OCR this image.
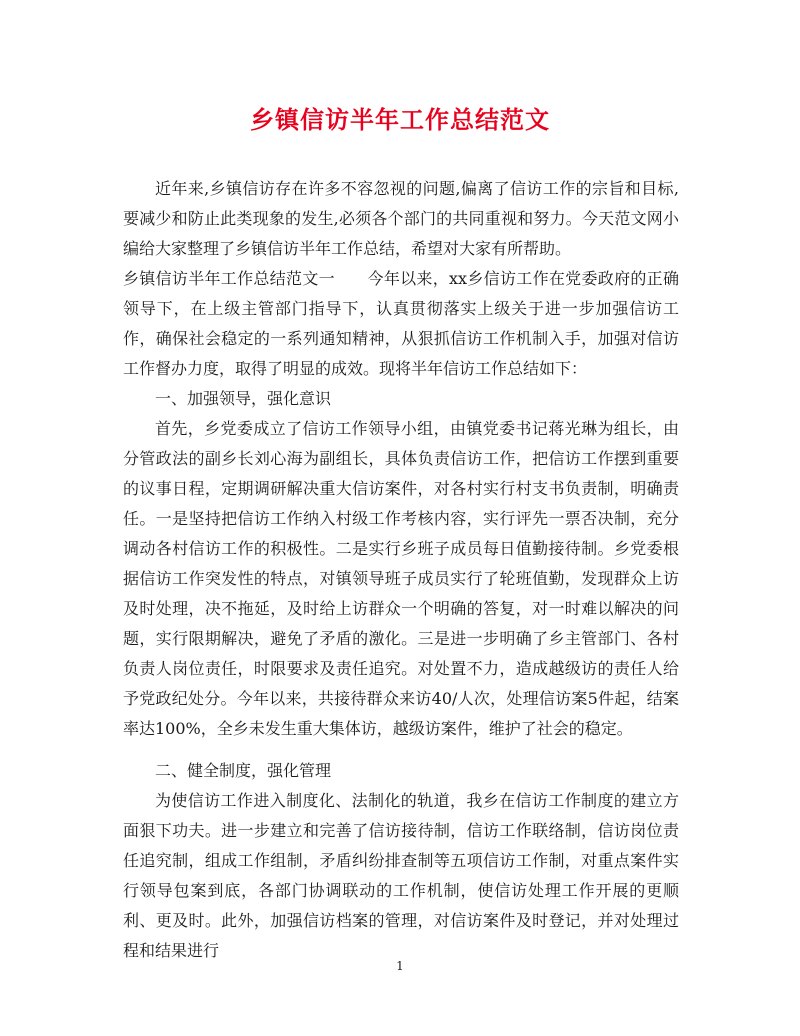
乡镇信访半年工作总结范文

近年来,乡镇信访存在许多不容忽视的问题,偏离了信访工作的宗旨和目标,要减少和防止此类现象的发生,必须各个部门的共同重视和努力。今天范文网小编给大家整理了乡镇信访半年工作总结，希望对大家有所帮助。

乡镇信访半年工作总结范文一　　今年以来，xx乡信访工作在党委政府的正确领导下，在上级主管部门指导下，认真贯彻落实上级关于进一步加强信访工作，确保社会稳定的一系列通知精神，从狠抓信访工作机制入手，加强对信访工作督办力度，取得了明显的成效。现将半年信访工作总结如下：

一、加强领导，强化意识

首先，乡党委成立了信访工作领导小组，由镇党委书记蒋光琳为组长，由分管政法的副乡长刘心海为副组长，具体负责信访工作，把信访工作摆到重要的议事日程，定期调研解决重大信访案件，对各村实行村支书负责制，明确责任。一是坚持把信访工作纳入村级工作考核内容，实行评先一票否决制，充分调动各村信访工作的积极性。二是实行乡班子成员每日值勤接待制。乡党委根据信访工作突发性的特点，对镇领导班子成员实行了轮班值勤，发现群众上访及时处理，决不拖延，及时给上访群众一个明确的答复，对一时难以解决的问题，实行限期解决，避免了矛盾的激化。三是进一步明确了乡主管部门、各村负责人岗位责任，时限要求及责任追究。对处置不力，造成越级访的责任人给予党政纪处分。今年以来，共接待群众来访40/人次，处理信访案5件起，结案率达100%，全乡未发生重大集体访，越级访案件，维护了社会的稳定。

二、健全制度，强化管理

为使信访工作进入制度化、法制化的轨道，我乡在信访工作制度的建立方面狠下功夫。进一步建立和完善了信访接待制，信访工作联络制，信访岗位责任追究制，组成工作组制，矛盾纠纷排查制等五项信访工作制，对重点案件实行领导包案到底，各部门协调联动的工作机制，使信访处理工作开展的更顺利、更及时。此外，加强信访档案的管理，对信访案件及时登记，并对处理过程和结果进行

1
